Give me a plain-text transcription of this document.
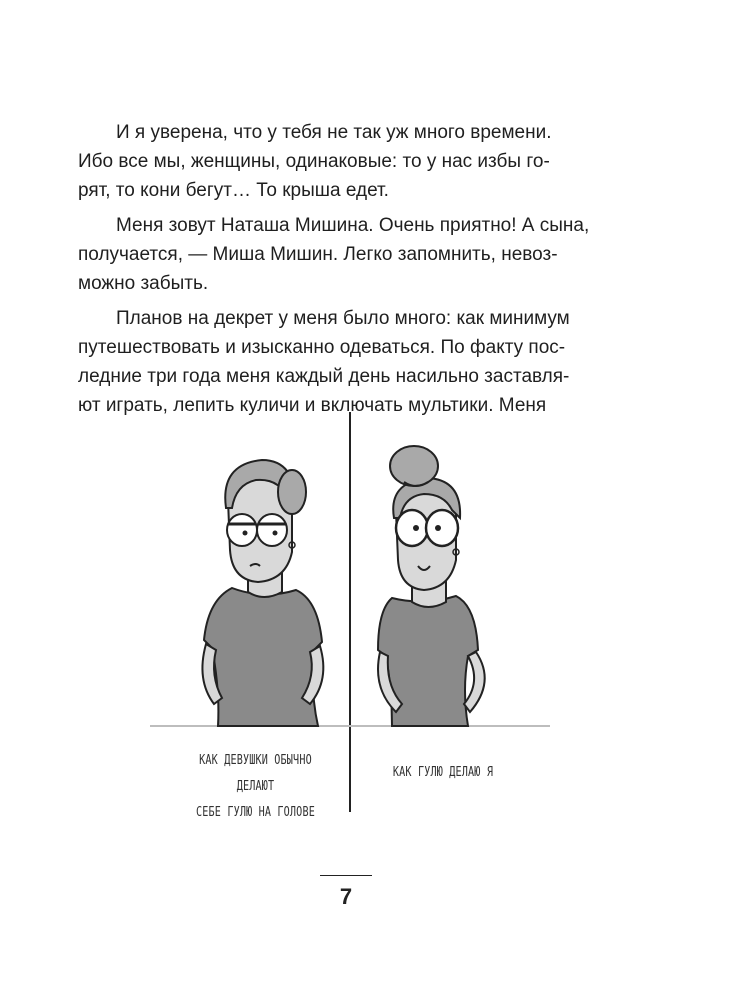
И я уверена, что у тебя не так уж много времени.
Ибо все мы, женщины, одинаковые: то у нас избы го-
рят, то кони бегут… То крыша едет.

Меня зовут Наташа Мишина. Очень приятно! А сына,
получается, — Миша Мишин. Легко запомнить, невоз-
можно забыть.

Планов на декрет у меня было много: как минимум
путешествовать и изысканно одеваться. По факту пос-
ледние три года меня каждый день насильно заставля-
ют играть, лепить куличи и включать мультики. Меня

КАК ДЕВУШКИ ОБЫЧНО ДЕЛАЮТ
СЕБЕ ГУЛЮ НА ГОЛОВЕ
КАК ГУЛЮ ДЕЛАЮ Я
7
